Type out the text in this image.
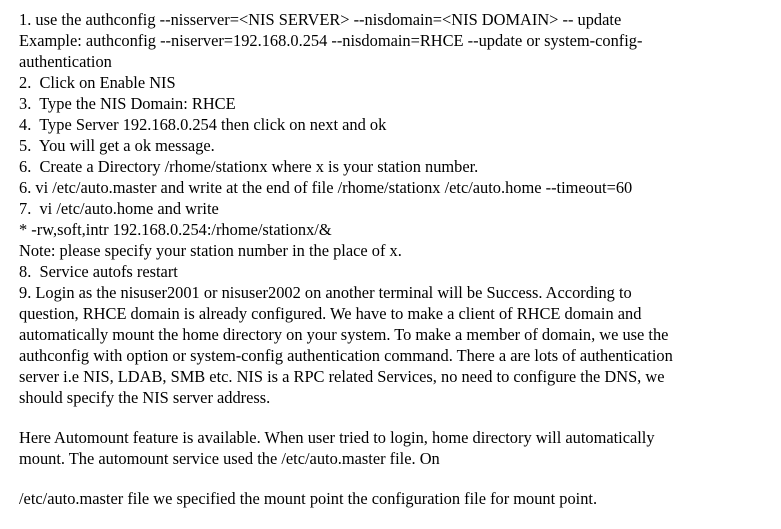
1. use the authconfig --nisserver=<NIS SERVER> --nisdomain=<NIS DOMAIN> -- update
Example: authconfig --niserver=192.168.0.254 --nisdomain=RHCE --update or system-config-
authentication
2.  Click on Enable NIS
3.  Type the NIS Domain: RHCE
4.  Type Server 192.168.0.254 then click on next and ok
5.  You will get a ok message.
6.  Create a Directory /rhome/stationx where x is your station number.
6. vi /etc/auto.master and write at the end of file /rhome/stationx /etc/auto.home --timeout=60
7.  vi /etc/auto.home and write
* -rw,soft,intr 192.168.0.254:/rhome/stationx/&
Note: please specify your station number in the place of x.
8.  Service autofs restart
9. Login as the nisuser2001 or nisuser2002 on another terminal will be Success. According to
question, RHCE domain is already configured. We have to make a client of RHCE domain and
automatically mount the home directory on your system. To make a member of domain, we use the
authconfig with option or system-config authentication command. There a are lots of authentication
server i.e NIS, LDAB, SMB etc. NIS is a RPC related Services, no need to configure the DNS, we
should specify the NIS server address.
Here Automount feature is available. When user tried to login, home directory will automatically
mount. The automount service used the /etc/auto.master file. On
/etc/auto.master file we specified the mount point the configuration file for mount point.
